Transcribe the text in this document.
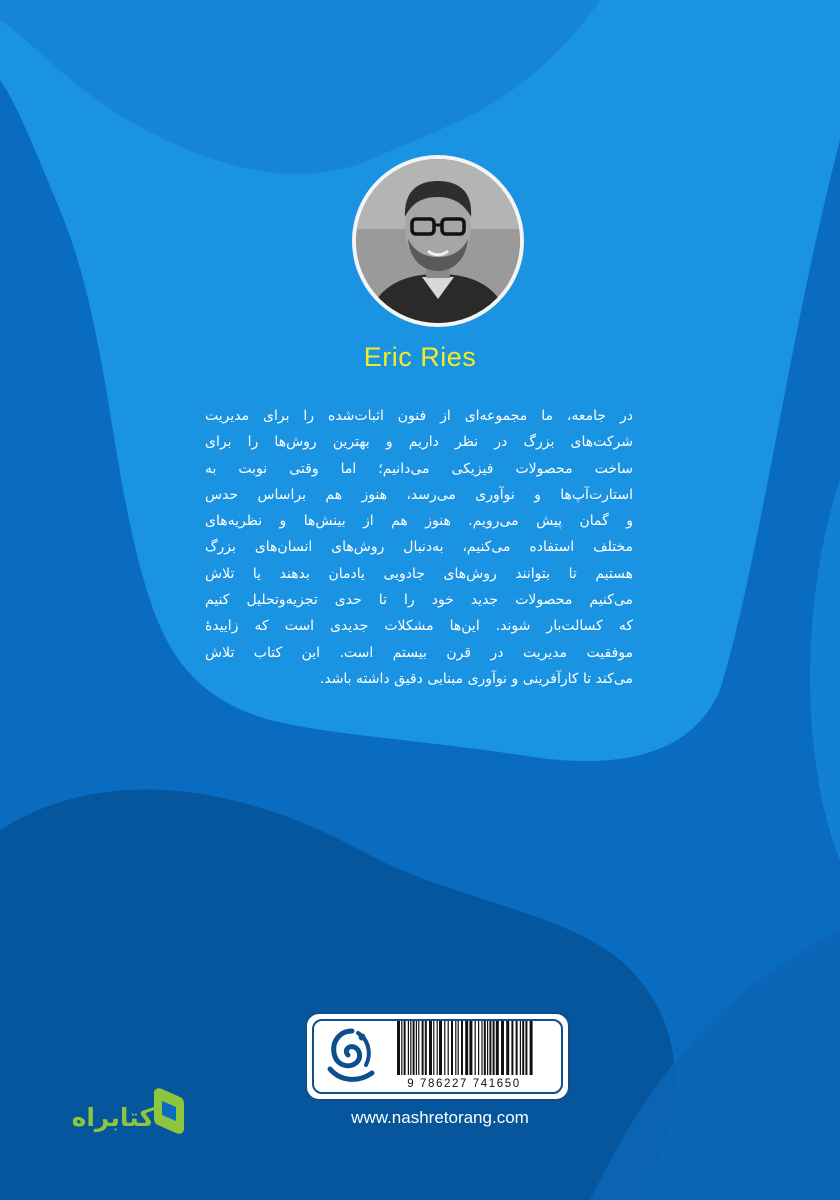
Eric Ries
در جامعه، ما مجموعه‌ای از فنون اثبات‌شده را برای مدیریت
شرکت‌های بزرگ در نظر داریم و بهترین روش‌ها را برای
ساخت محصولات فیزیکی می‌دانیم؛ اما وقتی نوبت به
استارت‌آپ‌ها و نوآوری می‌رسد، هنوز هم براساس حدس
و گمان پیش می‌رویم. هنوز هم از بینش‌ها و نظریه‌های
مختلف استفاده می‌کنیم، به‌دنبال روش‌های انسان‌های بزرگ
هستیم تا بتوانند روش‌های جادویی یادمان بدهند یا تلاش
می‌کنیم محصولات جدید خود را تا حدی تجزیه‌وتحلیل کنیم
که کسالت‌بار شوند. این‌ها مشکلات جدیدی است که زاییدهٔ
موفقیت مدیریت در قرن بیستم است. این کتاب تلاش
می‌کند تا کارآفرینی و نوآوری مبنایی دقیق داشته باشد.
9 786227 741650
www.nashretorang.com
کتابراه
